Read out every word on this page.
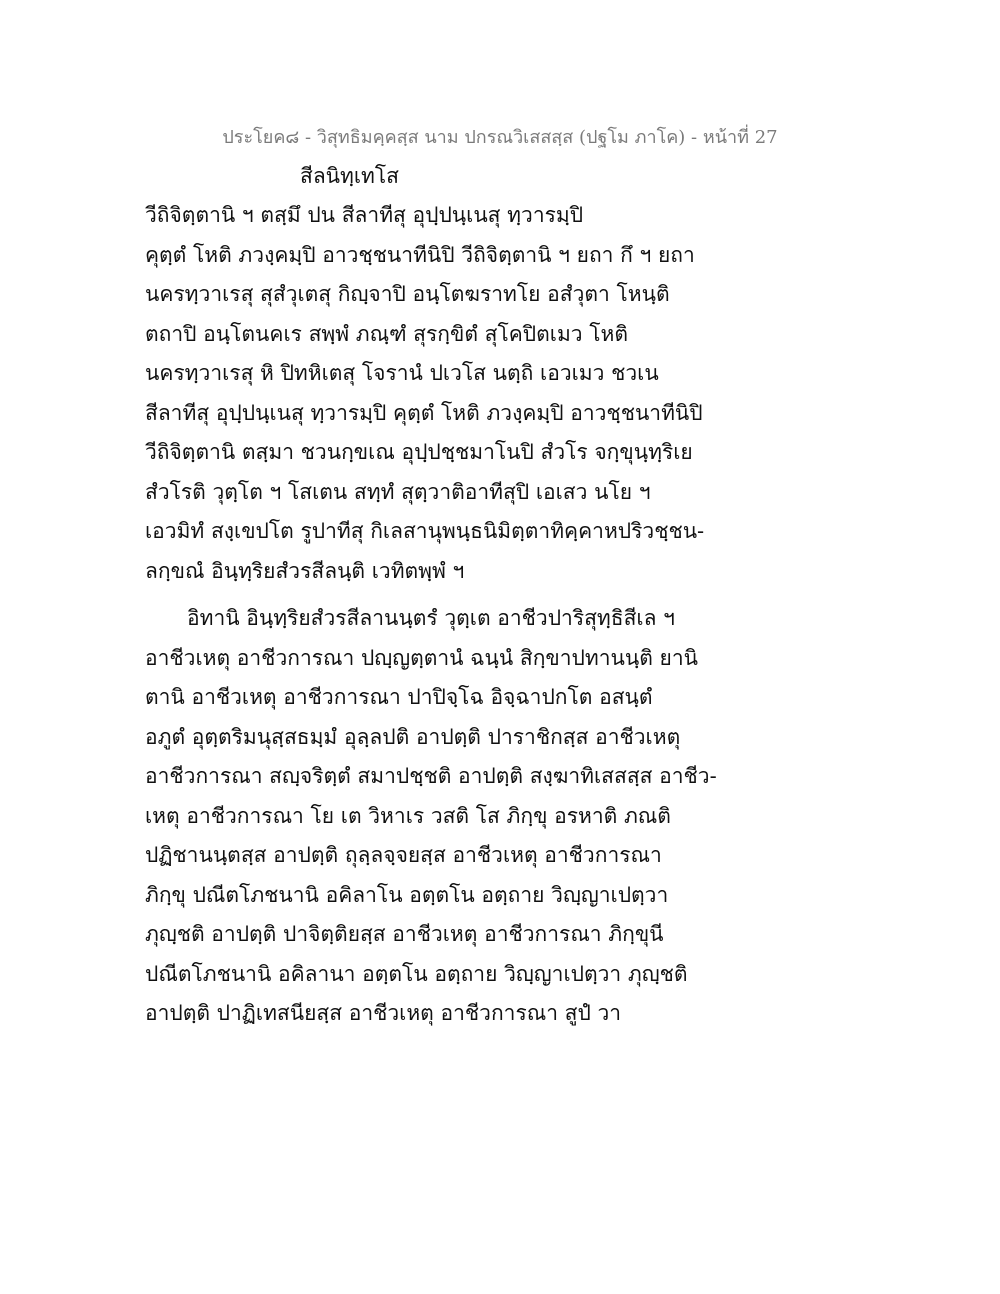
ประโยค๘ - วิสุทธิมคฺคสฺส นาม ปกรณวิเสสสฺส (ปฐโม ภาโค) - หน้าที่ 27
สีลนิทฺเทโส
วีถิจิตฺตานิ ฯ ตสฺมึ ปน สีลาทีสุ อุปฺปนฺเนสุ ทฺวารมฺปิ
คุตฺตํ โหติ ภวงฺคมฺปิ อาวชฺชนาทีนิปิ วีถิจิตฺตานิ ฯ ยถา กึ ฯ ยถา
นครทฺวาเรสุ สุสํวุเตสุ กิญฺจาปิ อนฺโตฆราทโย อสํวุตา โหนฺติ
ตถาปิ อนฺโตนคเร สพฺพํ ภณฺฑํ สุรกฺขิตํ สุโคปิตเมว โหติ
นครทฺวาเรสุ หิ ปิทหิเตสุ โจรานํ ปเวโส นตฺถิ เอวเมว ชวเน
สีลาทีสุ อุปฺปนฺเนสุ ทฺวารมฺปิ คุตฺตํ โหติ ภวงฺคมฺปิ อาวชฺชนาทีนิปิ
วีถิจิตฺตานิ ตสฺมา ชวนกฺขเณ อุปฺปชฺชมาโนปิ สํวโร จกฺขุนฺทฺริเย
สํวโรติ วุตฺโต ฯ โสเตน สทฺทํ สุตฺวาติอาทีสุปิ เอเสว นโย ฯ
เอวมิทํ สงฺเขปโต รูปาทีสุ กิเลสานุพนฺธนิมิตฺตาทิคฺคาหปริวชฺชน-
ลกฺขณํ อินฺทฺริยสํวรสีลนฺติ เวทิตพฺพํ ฯ
อิทานิ อินฺทฺริยสํวรสีลานนฺตรํ วุตฺเต อาชีวปาริสุทฺธิสีเล ฯ
อาชีวเหตุ อาชีวการณา ปญฺญตฺตานํ ฉนฺนํ สิกฺขาปทานนฺติ ยานิ
ตานิ อาชีวเหตุ อาชีวการณา ปาปิจฺโฉ อิจฺฉาปกโต อสนฺตํ
อภูตํ อุตฺตริมนุสฺสธมฺมํ อุลฺลปติ อาปตฺติ ปาราชิกสฺส อาชีวเหตุ
อาชีวการณา สญฺจริตฺตํ สมาปชฺชติ อาปตฺติ สงฺฆาทิเสสสฺส อาชีว-
เหตุ อาชีวการณา โย เต วิหาเร วสติ โส ภิกฺขุ อรหาติ ภณติ
ปฏิชานนฺตสฺส อาปตฺติ ถุลฺลจฺจยสฺส อาชีวเหตุ อาชีวการณา
ภิกฺขุ ปณีตโภชนานิ อคิลาโน อตฺตโน อตฺถาย วิญฺญาเปตฺวา
ภุญฺชติ อาปตฺติ ปาจิตฺติยสฺส อาชีวเหตุ อาชีวการณา ภิกฺขุนี
ปณีตโภชนานิ อคิลานา อตฺตโน อตฺถาย วิญฺญาเปตฺวา ภุญฺชติ
อาปตฺติ ปาฏิเทสนียสฺส อาชีวเหตุ อาชีวการณา สูปํ วา
